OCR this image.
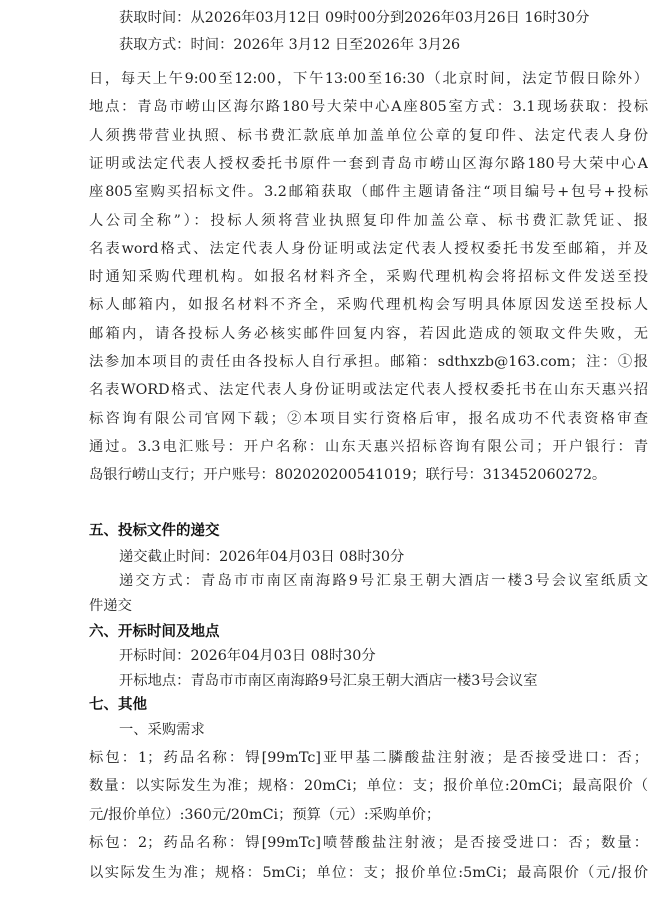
获取时间：从2026年03月12日 09时00分到2026年03月26日 16时30分
获取方式：时间：2026年 3月12 日至2026年 3月26
日，每天上午9:00至12:00，下午13:00至16:30（北京时间，法定节假日除外）
地点：青岛市崂山区海尔路180号大荣中心A座805室方式：3.1现场获取：投标
人须携带营业执照、标书费汇款底单加盖单位公章的复印件、法定代表人身份
证明或法定代表人授权委托书原件一套到青岛市崂山区海尔路180号大荣中心A
座805室购买招标文件。3.2邮箱获取（邮件主题请备注“项目编号+包号+投标
人公司全称”）：投标人须将营业执照复印件加盖公章、标书费汇款凭证、报
名表word格式、法定代表人身份证明或法定代表人授权委托书发至邮箱，并及
时通知采购代理机构。如报名材料齐全，采购代理机构会将招标文件发送至投
标人邮箱内，如报名材料不齐全，采购代理机构会写明具体原因发送至投标人
邮箱内，请各投标人务必核实邮件回复内容，若因此造成的领取文件失败，无
法参加本项目的责任由各投标人自行承担。邮箱：sdthxzb@163.com；注：①报
名表WORD格式、法定代表人身份证明或法定代表人授权委托书在山东天惠兴招
标咨询有限公司官网下载；②本项目实行资格后审，报名成功不代表资格审查
通过。3.3电汇账号：开户名称：山东天惠兴招标咨询有限公司；开户银行：青
岛银行崂山支行；开户账号：802020200541019；联行号：313452060272。
五、投标文件的递交
递交截止时间：2026年04月03日 08时30分
递交方式：青岛市市南区南海路9号汇泉王朝大酒店一楼3号会议室纸质文
件递交
六、开标时间及地点
开标时间：2026年04月03日 08时30分
开标地点：青岛市市南区南海路9号汇泉王朝大酒店一楼3号会议室
七、其他
一、采购需求
标包：1；药品名称：锝[99mTc]亚甲基二膦酸盐注射液；是否接受进口：否；
数量：以实际发生为准；规格：20mCi；单位：支；报价单位:20mCi；最高限价（
元/报价单位）:360元/20mCi；预算（元）:采购单价；
标包：2；药品名称：锝[99mTc]喷替酸盐注射液；是否接受进口：否；数量：
以实际发生为准；规格：5mCi；单位：支；报价单位:5mCi；最高限价（元/报价
